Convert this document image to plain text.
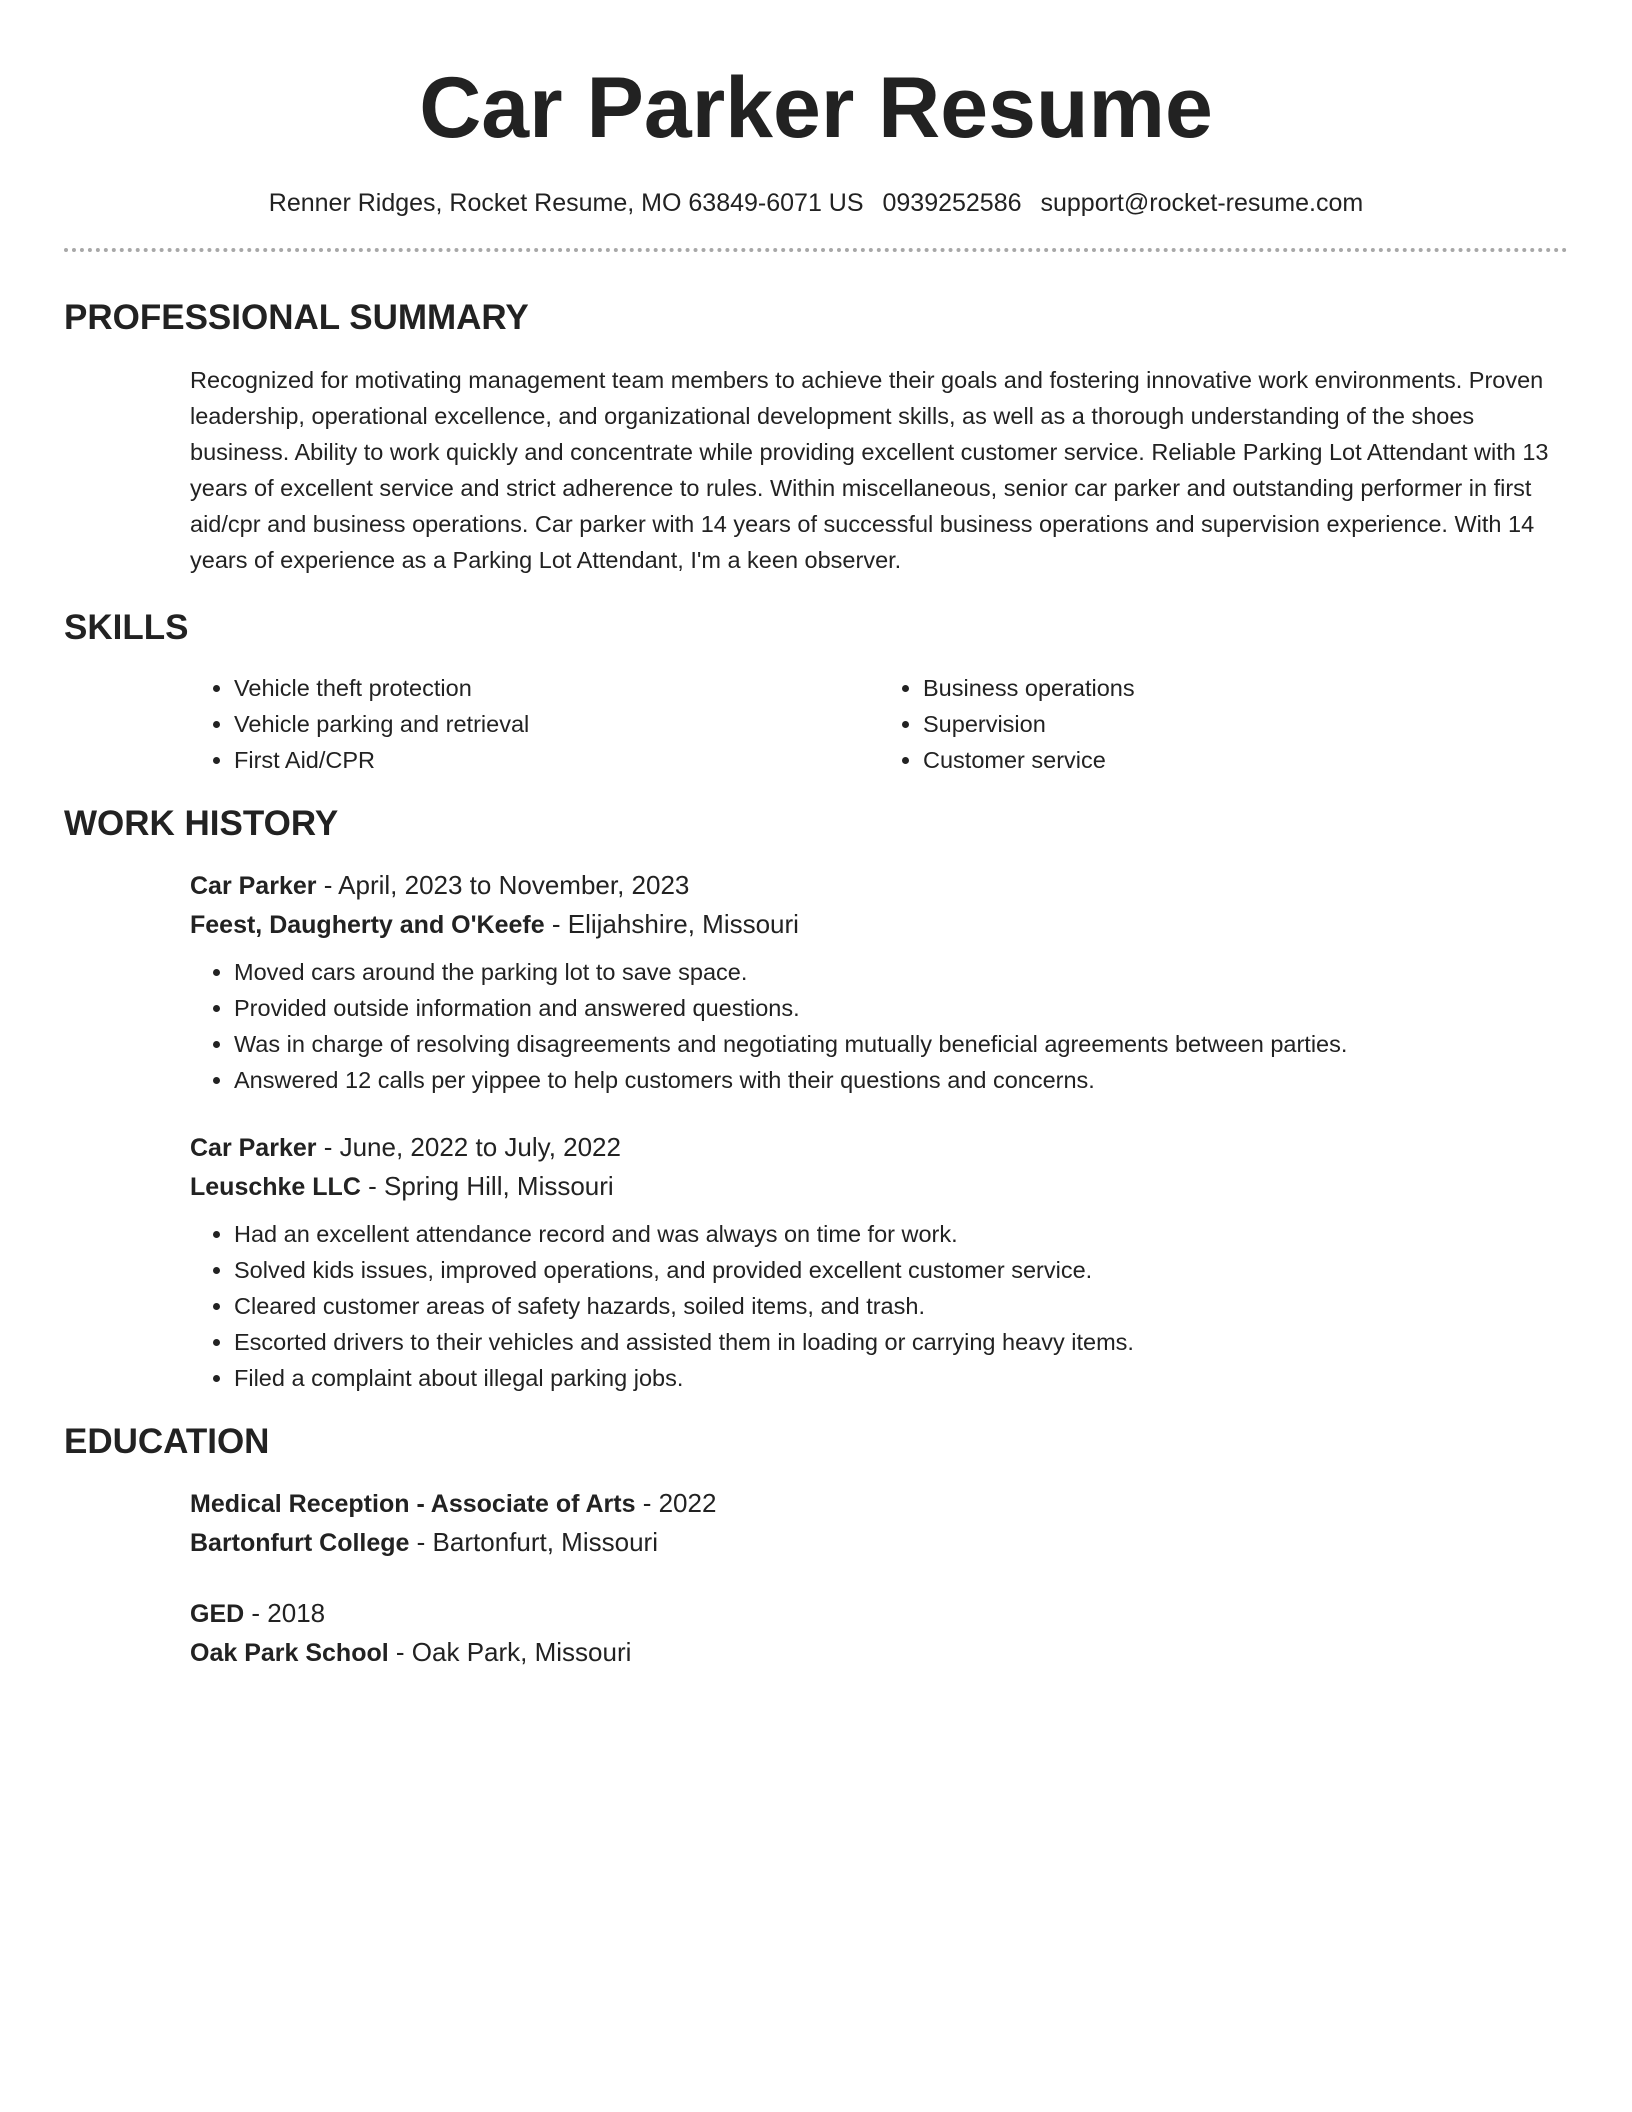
Car Parker Resume
Renner Ridges, Rocket Resume, MO 63849-6071 US 0939252586 support@rocket-resume.com
PROFESSIONAL SUMMARY

Recognized for motivating management team members to achieve their goals and fostering innovative work environments. Proven leadership, operational excellence, and organizational development skills, as well as a thorough understanding of the shoes business. Ability to work quickly and concentrate while providing excellent customer service. Reliable Parking Lot Attendant with 13 years of excellent service and strict adherence to rules. Within miscellaneous, senior car parker and outstanding performer in first aid/cpr and business operations. Car parker with 14 years of successful business operations and supervision experience. With 14 years of experience as a Parking Lot Attendant, I'm a keen observer.

SKILLS
• Vehicle theft protection
• Vehicle parking and retrieval
• First Aid/CPR
• Business operations
• Supervision
• Customer service
WORK HISTORY
Car Parker - April, 2023 to November, 2023
Feest, Daugherty and O'Keefe - Elijahshire, Missouri
• Moved cars around the parking lot to save space.
• Provided outside information and answered questions.
• Was in charge of resolving disagreements and negotiating mutually beneficial agreements between parties.
• Answered 12 calls per yippee to help customers with their questions and concerns.
Car Parker - June, 2022 to July, 2022
Leuschke LLC - Spring Hill, Missouri
• Had an excellent attendance record and was always on time for work.
• Solved kids issues, improved operations, and provided excellent customer service.
• Cleared customer areas of safety hazards, soiled items, and trash.
• Escorted drivers to their vehicles and assisted them in loading or carrying heavy items.
• Filed a complaint about illegal parking jobs.
EDUCATION
Medical Reception - Associate of Arts - 2022
Bartonfurt College - Bartonfurt, Missouri
GED - 2018
Oak Park School - Oak Park, Missouri
